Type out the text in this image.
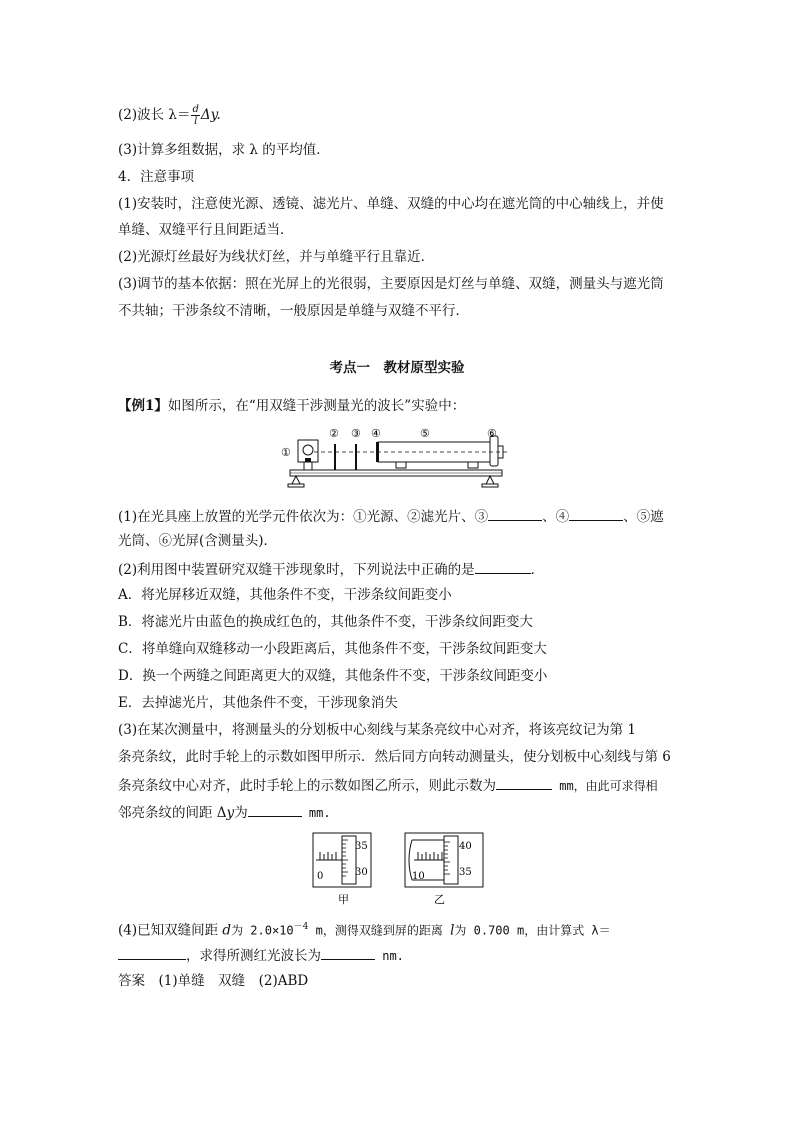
(2)波长 $\lambda= \frac{d}{l} \Delta y$.
(3)计算多组数据，求 λ 的平均值．
4．注意事项
(1)安装时，注意使光源、透镜、滤光片、单缝、双缝的中心均在遮光筒的中心轴线上，并使
单缝、双缝平行且间距适当．
(2)光源灯丝最好为线状灯丝，并与单缝平行且靠近．
(3)调节的基本依据：照在光屏上的光很弱，主要原因是灯丝与单缝、双缝，测量头与遮光筒
不共轴；干涉条纹不清晰，一般原因是单缝与双缝不平行．
考点一　教材原型实验
【例1】如图所示，在“用双缝干涉测量光的波长”实验中：
①
② ③ ④	⑤	⑥
(1)在光具座上放置的光学元件依次为：①光源、②滤光片、③	、④	、⑤遮
光筒、⑥光屏(含测量头)．
(2)利用图中装置研究双缝干涉现象时，下列说法中正确的是	．
A．将光屏移近双缝，其他条件不变，干涉条纹间距变小
B．将滤光片由蓝色的换成红色的，其他条件不变，干涉条纹间距变大
C．将单缝向双缝移动一小段距离后，其他条件不变，干涉条纹间距变大
D．换一个两缝之间距离更大的双缝，其他条件不变，干涉条纹间距变小
E．去掉滤光片，其他条件不变，干涉现象消失
(3)在某次测量中，将测量头的分划板中心刻线与某条亮纹中心对齐，将该亮纹记为第 1
条亮条纹，此时手轮上的示数如图甲所示．然后同方向转动测量头，使分划板中心刻线与第 6
条亮条纹中心对齐，此时手轮上的示数如图乙所示，则此示数为	mm，由此可求得相
邻亮条纹的间距 Δy为	mm.
35
30
0
甲
40
35
10
乙
(4)已知双缝间距 d为 $2.0\times 10^{-4}$ m，测得双缝到屏的距离 l为 0.700 m，由计算式 λ＝
，求得所测红光波长为	nm.
答案　(1)单缝　双缝　(2)ABD
